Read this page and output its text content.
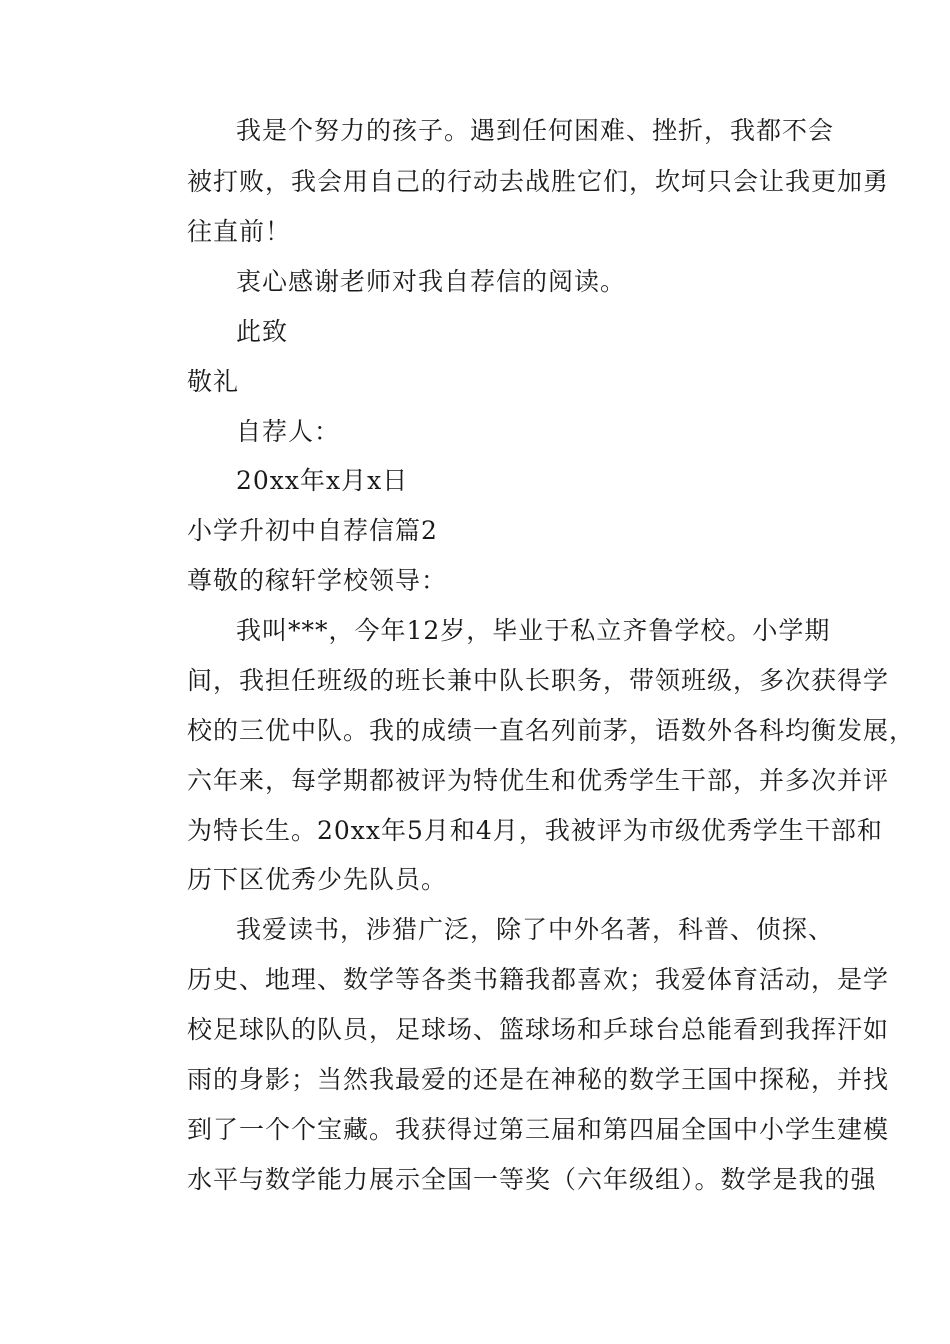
我是个努力的孩子。遇到任何困难、挫折，我都不会
被打败，我会用自己的行动去战胜它们，坎坷只会让我更加勇
往直前！
衷心感谢老师对我自荐信的阅读。
此致
敬礼
自荐人：
20xx年x月x日
小学升初中自荐信篇2
尊敬的稼轩学校领导：
我叫***，今年12岁，毕业于私立齐鲁学校。小学期
间，我担任班级的班长兼中队长职务，带领班级，多次获得学
校的三优中队。我的成绩一直名列前茅，语数外各科均衡发展，
六年来，每学期都被评为特优生和优秀学生干部，并多次并评
为特长生。20xx年5月和4月，我被评为市级优秀学生干部和
历下区优秀少先队员。
我爱读书，涉猎广泛，除了中外名著，科普、侦探、
历史、地理、数学等各类书籍我都喜欢；我爱体育活动，是学
校足球队的队员，足球场、篮球场和乒球台总能看到我挥汗如
雨的身影；当然我最爱的还是在神秘的数学王国中探秘，并找
到了一个个宝藏。我获得过第三届和第四届全国中小学生建模
水平与数学能力展示全国一等奖（六年级组）。数学是我的强
